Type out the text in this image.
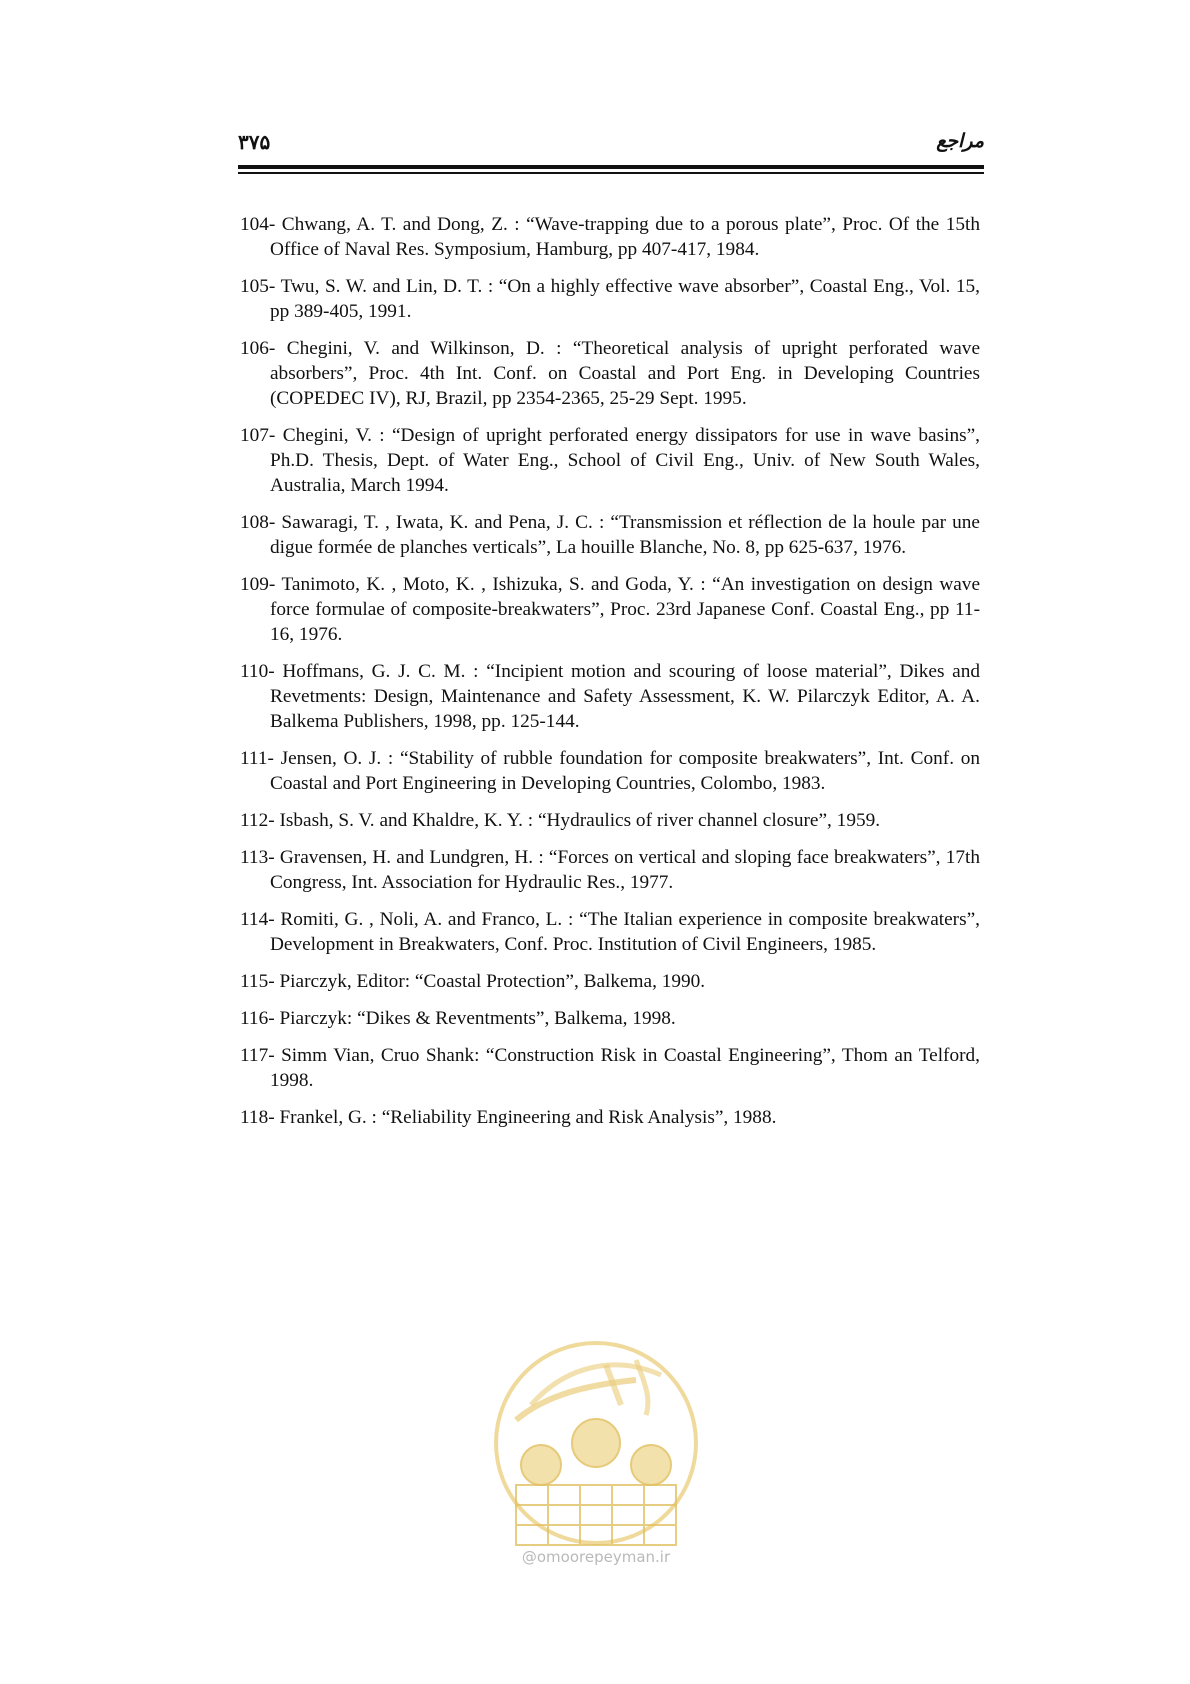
۳۷۵	مراجع
104- Chwang, A. T. and Dong, Z. : “Wave-trapping due to a porous plate”, Proc. Of the 15th Office of Naval Res. Symposium, Hamburg, pp 407-417, 1984.
105- Twu, S. W. and Lin, D. T. : “On a highly effective wave absorber”, Coastal Eng., Vol. 15, pp 389-405, 1991.
106- Chegini, V. and Wilkinson, D. : “Theoretical analysis of upright perforated wave absorbers”, Proc. 4th Int. Conf. on Coastal and Port Eng. in Developing Countries (COPEDEC IV), RJ, Brazil, pp 2354-2365, 25-29 Sept. 1995.
107- Chegini, V. : “Design of upright perforated energy dissipators for use in wave basins”, Ph.D. Thesis, Dept. of Water Eng., School of Civil Eng., Univ. of New South Wales, Australia, March 1994.
108- Sawaragi, T. , Iwata, K. and Pena, J. C. : “Transmission et réflection de la houle par une digue formée de planches verticals”, La houille Blanche, No. 8, pp 625-637, 1976.
109- Tanimoto, K. , Moto, K. , Ishizuka, S. and Goda, Y. : “An investigation on design wave force formulae of composite-breakwaters”, Proc. 23rd Japanese Conf. Coastal Eng., pp 11-16, 1976.
110- Hoffmans, G. J. C. M. : “Incipient motion and scouring of loose material”, Dikes and Revetments: Design, Maintenance and Safety Assessment, K. W. Pilarczyk Editor, A. A. Balkema Publishers, 1998, pp. 125-144.
111- Jensen, O. J. : “Stability of rubble foundation for composite breakwaters”, Int. Conf. on Coastal and Port Engineering in Developing Countries, Colombo, 1983.
112- Isbash, S. V. and Khaldre, K. Y. : “Hydraulics of river channel closure”, 1959.
113- Gravensen, H. and Lundgren, H. : “Forces on vertical and sloping face breakwaters”, 17th Congress, Int. Association for Hydraulic Res., 1977.
114- Romiti, G. , Noli, A. and Franco, L. : “The Italian experience in composite breakwaters”, Development in Breakwaters, Conf. Proc. Institution of Civil Engineers, 1985.
115- Piarczyk, Editor: “Coastal Protection”, Balkema, 1990.
116- Piarczyk: “Dikes & Reventments”, Balkema, 1998.
117- Simm Vian, Cruo Shank: “Construction Risk in Coastal Engineering”, Thom an Telford, 1998.
118- Frankel, G. : “Reliability Engineering and Risk Analysis”, 1988.
@omoorepeyman.ir
